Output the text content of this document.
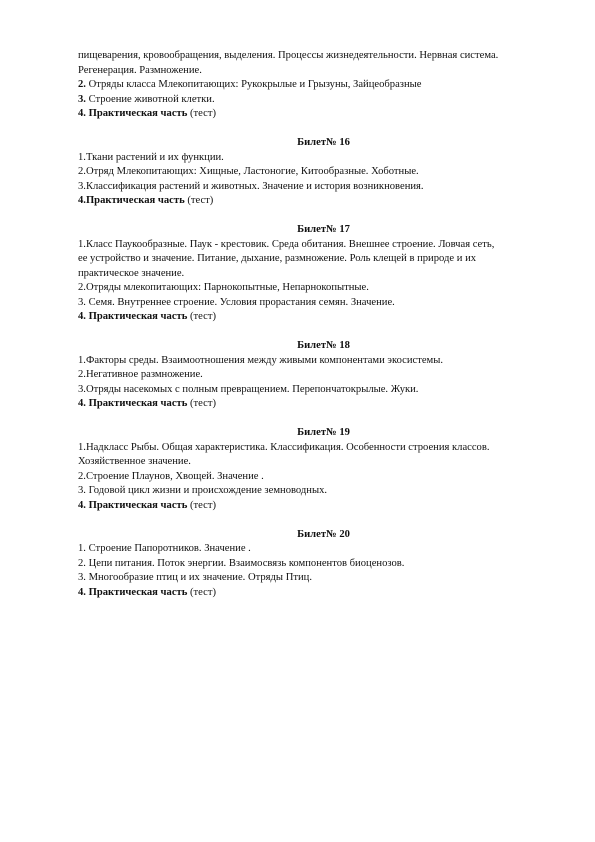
пищеварения, кровообращения, выделения. Процессы жизнедеятельности. Нервная система.
Регенерация. Размножение.
2. Отряды класса Млекопитающих: Рукокрылые и Грызуны, Зайцеобразные
3. Строение животной клетки.
4. Практическая часть (тест)
Билет№ 16
1.Ткани растений и их функции.
2.Отряд Млекопитающих: Хищные, Ластоногие, Китообразные. Хоботные.
3.Классификация растений и животных. Значение и история возникновения.
4.Практическая часть (тест)
Билет№ 17
1.Класс Паукообразные. Паук - крестовик. Среда обитания. Внешнее строение. Ловчая сеть,
ее устройство и значение. Питание, дыхание, размножение. Роль клещей в природе и их
практическое значение.
2.Отряды млекопитающих: Парнокопытные, Непарнокопытные.
3. Семя. Внутреннее строение. Условия прорастания семян. Значение.
4. Практическая часть (тест)
Билет№ 18
1.Факторы среды. Взаимоотношения между живыми компонентами экосистемы.
2.Негативное размножение.
3.Отряды насекомых с полным превращением. Перепончатокрылые. Жуки.
4. Практическая часть (тест)
Билет№ 19
1.Надкласс Рыбы. Общая характеристика. Классификация. Особенности строения классов.
Хозяйственное значение.
2.Строение Плаунов, Хвощей. Значение .
3. Годовой цикл жизни и происхождение земноводных.
4. Практическая часть (тест)
Билет№ 20
1. Строение Папоротников. Значение .
2. Цепи питания. Поток энергии. Взаимосвязь компонентов биоценозов.
3. Многообразие птиц и их значение. Отряды Птиц.
4. Практическая часть (тест)
